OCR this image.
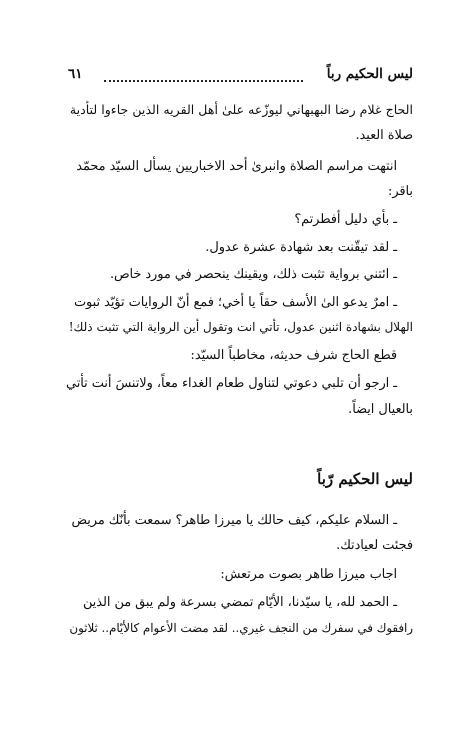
ليس الحكيم رباً
٦١

الحاج غلام رضا البهبهاني ليوزّعه علىٰ أهل القريه الذين جاءوا لتأدية

صلاة العيد.

انتهت مراسم الصلاة وانبرىٰ أحد الاخباريين يسأل السيّد محمّد

باقر:

ـ بأي دليل أفطرتم؟

ـ لقد تيقّنت بعد شهادة عشرة عدول.

ـ ائتني برواية تثبت ذلك، ويقينك ينحصر في مورد خاص.

ـ امرٌ يدعو الىٰ الأسف حقاً يا أخي؛ فمع أنّ الروايات تؤيّد ثبوت

الهلال بشهادة اثنين عدول، تأتي انت وتقول أين الرواية التي تثبت ذلك!

قطع الحاج شرف حديثه، مخاطباً السيّد:

ـ ارجو أن تلبي دعوتي لتناول طعام الغداء معاً، ولاتنسَ أنت تأتي

بالعيال ايضاً.

ليس الحكيم رّباً

ـ السلام عليكم، كيف حالك يا ميرزا طاهر؟ سمعت بأنّك مريض

فجئت لعيادتك.

اجاب ميرزا طاهر بصوت مرتعش:

ـ الحمد لله، يا سيّدنا، الأيّام تمضي بسرعة ولم يبق من الذين

رافقوك في سفرك من النجف غيري.. لقد مضت الأعوام كالأيّام.. ثلاثون
